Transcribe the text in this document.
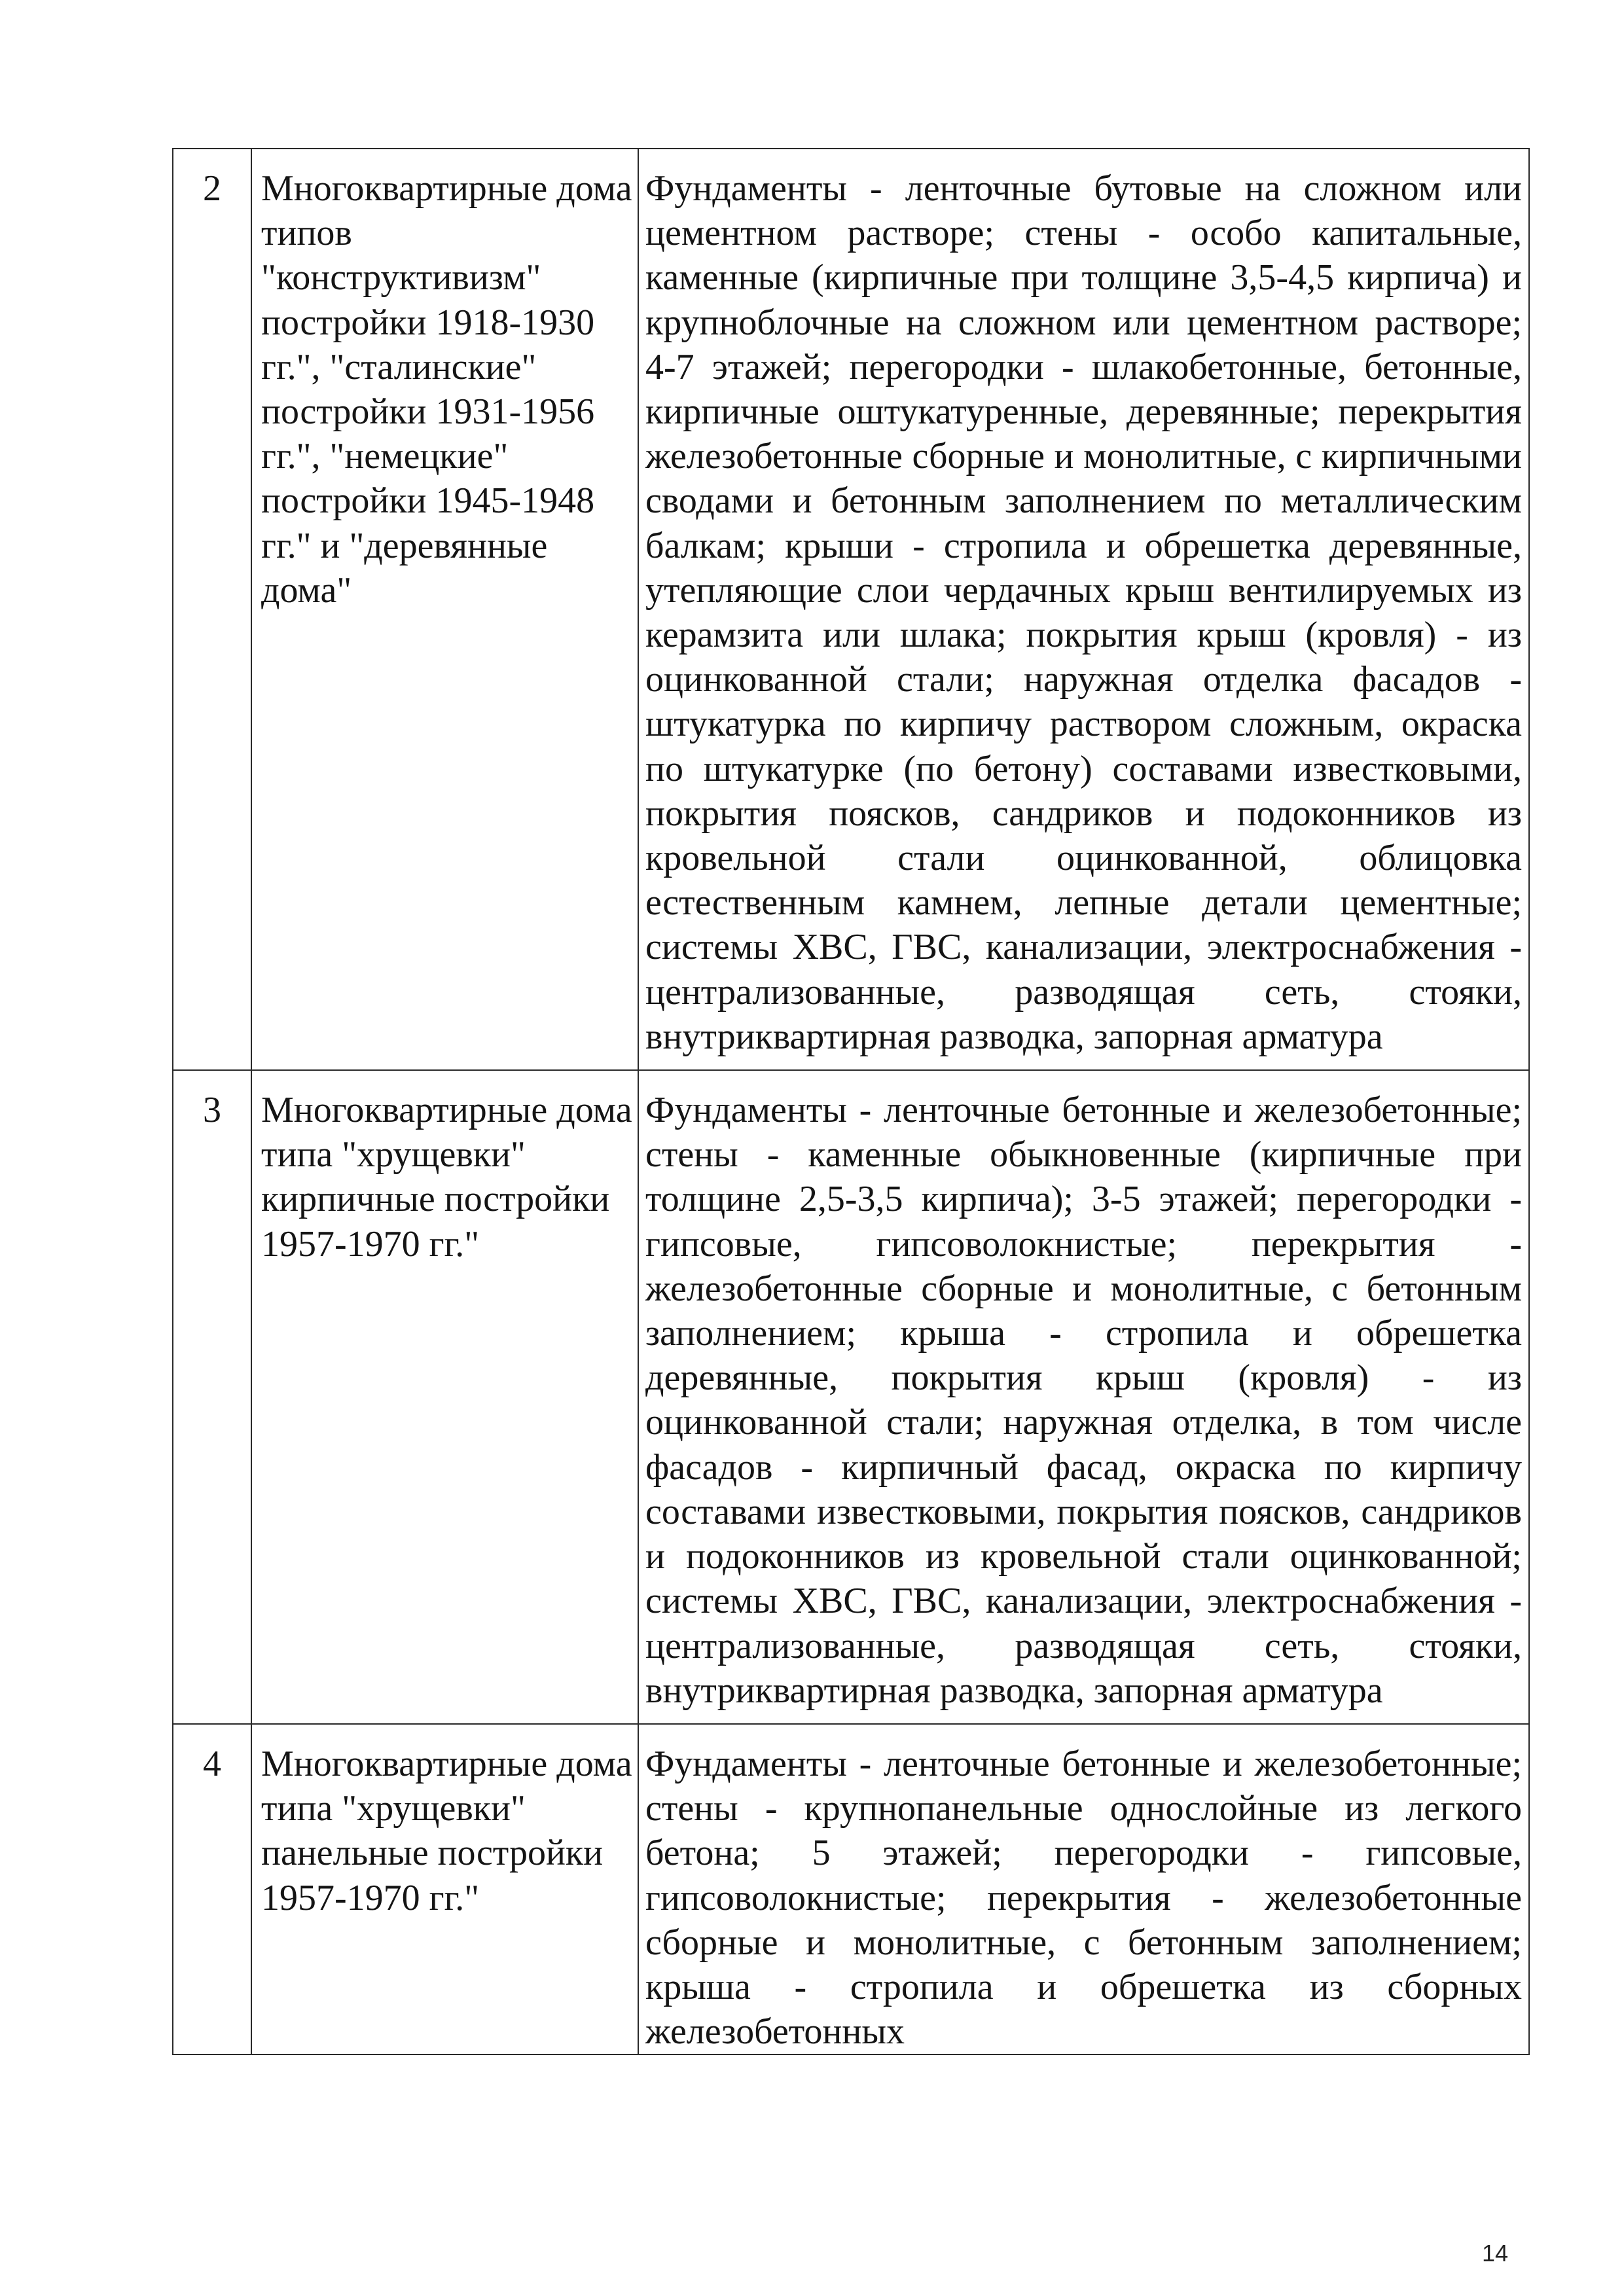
2	Многоквартирные дома типов "конструктивизм" постройки 1918-1930 гг.", "сталинские" постройки 1931-1956 гг.", "немецкие" постройки 1945-1948 гг." и "деревянные дома"	Фундаменты - ленточные бутовые на сложном или цементном растворе; стены - особо капитальные, каменные (кирпичные при толщине 3,5-4,5 кирпича) и крупноблочные на сложном или цементном растворе; 4-7 этажей; перегородки - шлакобетонные, бетонные, кирпичные оштукатуренные, деревянные; перекрытия железобетонные сборные и монолитные, с кирпичными сводами и бетонным заполнением по металлическим балкам; крыши - стропила и обрешетка деревянные, утепляющие слои чердачных крыш вентилируемых из керамзита или шлака; покрытия крыш (кровля) - из оцинкованной стали; наружная отделка фасадов - штукатурка по кирпичу раствором сложным, окраска по штукатурке (по бетону) составами известковыми, покрытия поясков, сандриков и подоконников из кровельной стали оцинкованной, облицовка естественным камнем, лепные детали цементные; системы ХВС, ГВС, канализации, электроснабжения - централизованные, разводящая сеть, стояки, внутриквартирная разводка, запорная арматура
3	Многоквартирные дома типа "хрущевки" кирпичные постройки 1957-1970 гг."	Фундаменты - ленточные бетонные и железобетонные; стены - каменные обыкновенные (кирпичные при толщине 2,5-3,5 кирпича); 3-5 этажей; перегородки - гипсовые, гипсоволокнистые; перекрытия - железобетонные сборные и монолитные, с бетонным заполнением; крыша - стропила и обрешетка деревянные, покрытия крыш (кровля) - из оцинкованной стали; наружная отделка, в том числе фасадов - кирпичный фасад, окраска по кирпичу составами известковыми, покрытия поясков, сандриков и подоконников из кровельной стали оцинкованной; системы ХВС, ГВС, канализации, электроснабжения - централизованные, разводящая сеть, стояки, внутриквартирная разводка, запорная арматура
4	Многоквартирные дома типа "хрущевки" панельные постройки 1957-1970 гг."	Фундаменты - ленточные бетонные и железобетонные; стены - крупнопанельные однослойные из легкого бетона; 5 этажей; перегородки - гипсовые, гипсоволокнистые; перекрытия - железобетонные сборные и монолитные, с бетонным заполнением; крыша - стропила и обрешетка из сборных железобетонных
14
